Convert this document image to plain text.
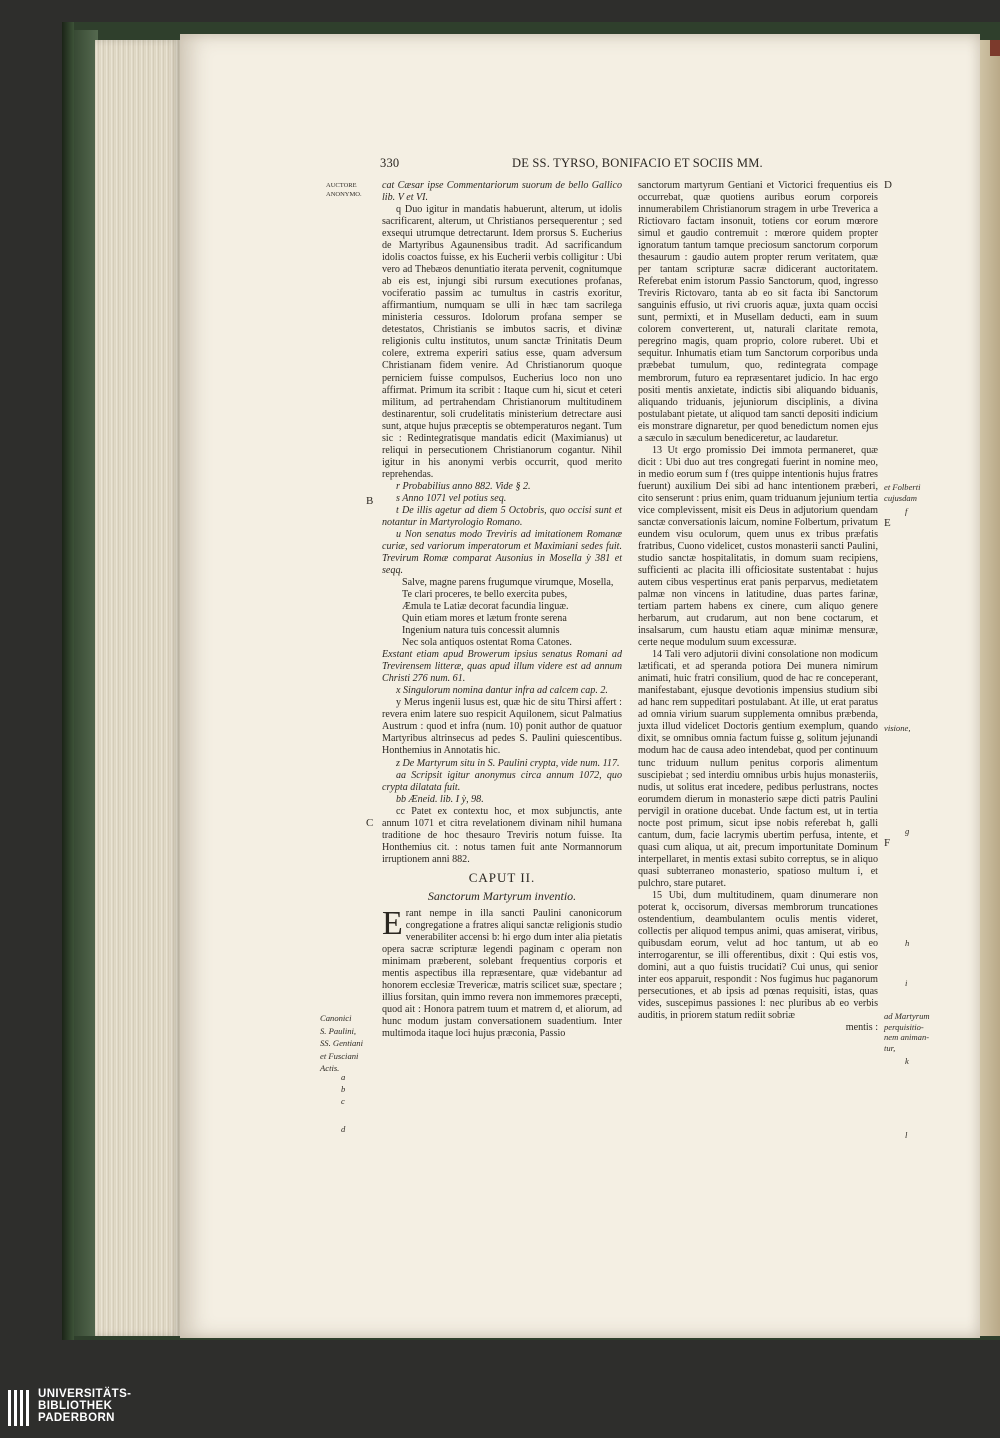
330	DE SS. TYRSO, BONIFACIO ET SOCIIS MM.
AUCTORE
ANONYMO.
B
C
Canonici
S. Paulini,
SS. Gentiani
et Fusciani
Actis.
a
b
c
d
D
et Folberti
cujusdam
f
E
visione,
g
F
h
i
ad Martyrum
perquisitio-
nem animan-
tur,
k
l

cat Cæsar ipse Commentariorum suorum de bello Gallico lib. V et VI.

q Duo igitur in mandatis habuerunt, alterum, ut idolis sacrificarent, alterum, ut Christianos persequerentur ; sed exsequi utrumque detrectarunt. Idem prorsus S. Eucherius de Martyribus Agaunensibus tradit. Ad sacrificandum idolis coactos fuisse, ex his Eucherii verbis colligitur : Ubi vero ad Thebæos denuntiatio iterata pervenit, cognitumque ab eis est, injungi sibi rursum executiones profanas, vociferatio passim ac tumultus in castris exoritur, affirmantium, numquam se ulli in hæc tam sacrilega ministeria cessuros. Idolorum profana semper se detestatos, Christianis se imbutos sacris, et divinæ religionis cultu institutos, unum sanctæ Trinitatis Deum colere, extrema experiri satius esse, quam adversum Christianam fidem venire. Ad Christianorum quoque perniciem fuisse compulsos, Eucherius loco non uno affirmat. Primum ita scribit : Itaque cum hi, sicut et ceteri militum, ad pertrahendam Christianorum multitudinem destinarentur, soli crudelitatis ministerium detrectare ausi sunt, atque hujus præceptis se obtemperaturos negant. Tum sic : Redintegratisque mandatis edicit (Maximianus) ut reliqui in persecutionem Christianorum cogantur. Nihil igitur in his anonymi verbis occurrit, quod merito reprehendas.

r Probabilius anno 882. Vide § 2.

s Anno 1071 vel potius seq.

t De illis agetur ad diem 5 Octobris, quo occisi sunt et notantur in Martyrologio Romano.

u Non senatus modo Treviris ad imitationem Romanæ curiæ, sed variorum imperatorum et Maximiani sedes fuit. Trevirum Romæ comparat Ausonius in Mosella ỳ 381 et seqq.

Salve, magne parens frugumque virumque, Mosella,

Te clari proceres, te bello exercita pubes,

Æmula te Latiæ decorat facundia linguæ.

Quin etiam mores et lætum fronte serena

Ingenium natura tuis concessit alumnis

Nec sola antiquos ostentat Roma Catones.

Exstant etiam apud Browerum ipsius senatus Romani ad Trevirensem litteræ, quas apud illum videre est ad annum Christi 276 num. 61.

x Singulorum nomina dantur infra ad calcem cap. 2.

y Merus ingenii lusus est, quæ hic de situ Thirsi affert : revera enim latere suo respicit Aquilonem, sicut Palmatius Austrum : quod et infra (num. 10) ponit author de quatuor Martyribus altrinsecus ad pedes S. Paulini quiescentibus. Honthemius in Annotatis hic.

z De Martyrum situ in S. Paulini crypta, vide num. 117.

aa Scripsit igitur anonymus circa annum 1072, quo crypta dilatata fuit.

bb Æneid. lib. I ỳ, 98.

cc Patet ex contextu hoc, et mox subjunctis, ante annum 1071 et citra revelationem divinam nihil humana traditione de hoc thesauro Treviris notum fuisse. Ita Honthemius cit. : notus tamen fuit ante Normannorum irruptionem anni 882.

CAPUT II.
Sanctorum Martyrum inventio.

Erant nempe in illa sancti Paulini canonicorum congregatione a fratres aliqui sanctæ religionis studio venerabiliter accensi b: hi ergo dum inter alia pietatis opera sacræ scripturæ legendi paginam c operam non minimam præberent, solebant frequentius corporis et mentis aspectibus illa repræsentare, quæ videbantur ad honorem ecclesiæ Trevericæ, matris scilicet suæ, spectare ; illius forsitan, quin immo revera non immemores præcepti, quod ait : Honora patrem tuum et matrem d, et aliorum, ad hunc modum justam conversationem suadentium. Inter multimoda itaque loci hujus præconia, Passio

sanctorum martyrum Gentiani et Victorici frequentius eis occurrebat, quæ quotiens auribus eorum corporeis innumerabilem Christianorum stragem in urbe Treverica a Rictiovaro factam insonuit, totiens cor eorum mœrore simul et gaudio contremuit : mœrore quidem propter ignoratum tantum tamque preciosum sanctorum corporum thesaurum : gaudio autem propter rerum veritatem, quæ per tantam scripturæ sacræ didicerant auctoritatem. Referebat enim istorum Passio Sanctorum, quod, ingresso Treviris Rictovaro, tanta ab eo sit facta ibi Sanctorum sanguinis effusio, ut rivi cruoris aquæ, juxta quam occisi sunt, permixti, et in Musellam deducti, eam in suum colorem converterent, ut, naturali claritate remota, peregrino magis, quam proprio, colore ruberet. Ubi et sequitur. Inhumatis etiam tum Sanctorum corporibus unda præbebat tumulum, quo, redintegrata compage membrorum, futuro ea repræsentaret judicio. In hac ergo positi mentis anxietate, indictis sibi aliquando biduanis, aliquando triduanis, jejuniorum disciplinis, a divina postulabant pietate, ut aliquod tam sancti depositi indicium eis monstrare dignaretur, per quod benedictum nomen ejus a sæculo in sæculum benediceretur, ac laudaretur.

13 Ut ergo promissio Dei immota permaneret, quæ dicit : Ubi duo aut tres congregati fuerint in nomine meo, in medio eorum sum f (tres quippe intentionis hujus fratres fuerunt) auxilium Dei sibi ad hanc intentionem præberi, cito senserunt : prius enim, quam triduanum jejunium tertia vice complevissent, misit eis Deus in adjutorium quendam sanctæ conversationis laicum, nomine Folbertum, privatum eundem visu oculorum, quem unus ex tribus præfatis fratribus, Cuono videlicet, custos monasterii sancti Paulini, studio sanctæ hospitalitatis, in domum suam recipiens, sufficienti ac placita illi officiositate sustentabat : hujus autem cibus vespertinus erat panis perparvus, medietatem palmæ non vincens in latitudine, duas partes farinæ, tertiam partem habens ex cinere, cum aliquo genere herbarum, aut crudarum, aut non bene coctarum, et insalsarum, cum haustu etiam aquæ minimæ mensuræ, certe neque modulum suum excessuræ.

14 Tali vero adjutorii divini consolatione non modicum lætificati, et ad speranda potiora Dei munera nimirum animati, huic fratri consilium, quod de hac re conceperant, manifestabant, ejusque devotionis impensius studium sibi ad hanc rem suppeditari postulabant. At ille, ut erat paratus ad omnia virium suarum supplementa omnibus præbenda, juxta illud videlicet Doctoris gentium exemplum, quando dixit, se omnibus omnia factum fuisse g, solitum jejunandi modum hac de causa adeo intendebat, quod per continuum tunc triduum nullum penitus corporis alimentum suscipiebat ; sed interdiu omnibus urbis hujus monasteriis, nudis, ut solitus erat incedere, pedibus perlustrans, noctes eorumdem dierum in monasterio sæpe dicti patris Paulini pervigil in oratione ducebat. Unde factum est, ut in tertia nocte post primum, sicut ipse nobis referebat h, galli cantum, dum, facie lacrymis ubertim perfusa, intente, et quasi cum aliqua, ut ait, precum importunitate Dominum interpellaret, in mentis extasi subito correptus, se in aliquo quasi subterraneo monasterio, spatioso multum i, et pulchro, stare putaret.

15 Ubi, dum multitudinem, quam dinumerare non poterat k, occisorum, diversas membrorum truncationes ostendentium, deambulantem oculis mentis videret, collectis per aliquod tempus animi, quas amiserat, viribus, quibusdam eorum, velut ad hoc tantum, ut ab eo interrogarentur, se illi offerentibus, dixit : Qui estis vos, domini, aut a quo fuistis trucidati? Cui unus, qui senior inter eos apparuit, respondit : Nos fugimus huc paganorum persecutiones, et ab ipsis ad pœnas requisiti, istas, quas vides, suscepimus passiones l: nec pluribus ab eo verbis auditis, in priorem statum rediit sobriæ

mentis :

UNIVERSITÄTS-
BIBLIOTHEK
PADERBORN
